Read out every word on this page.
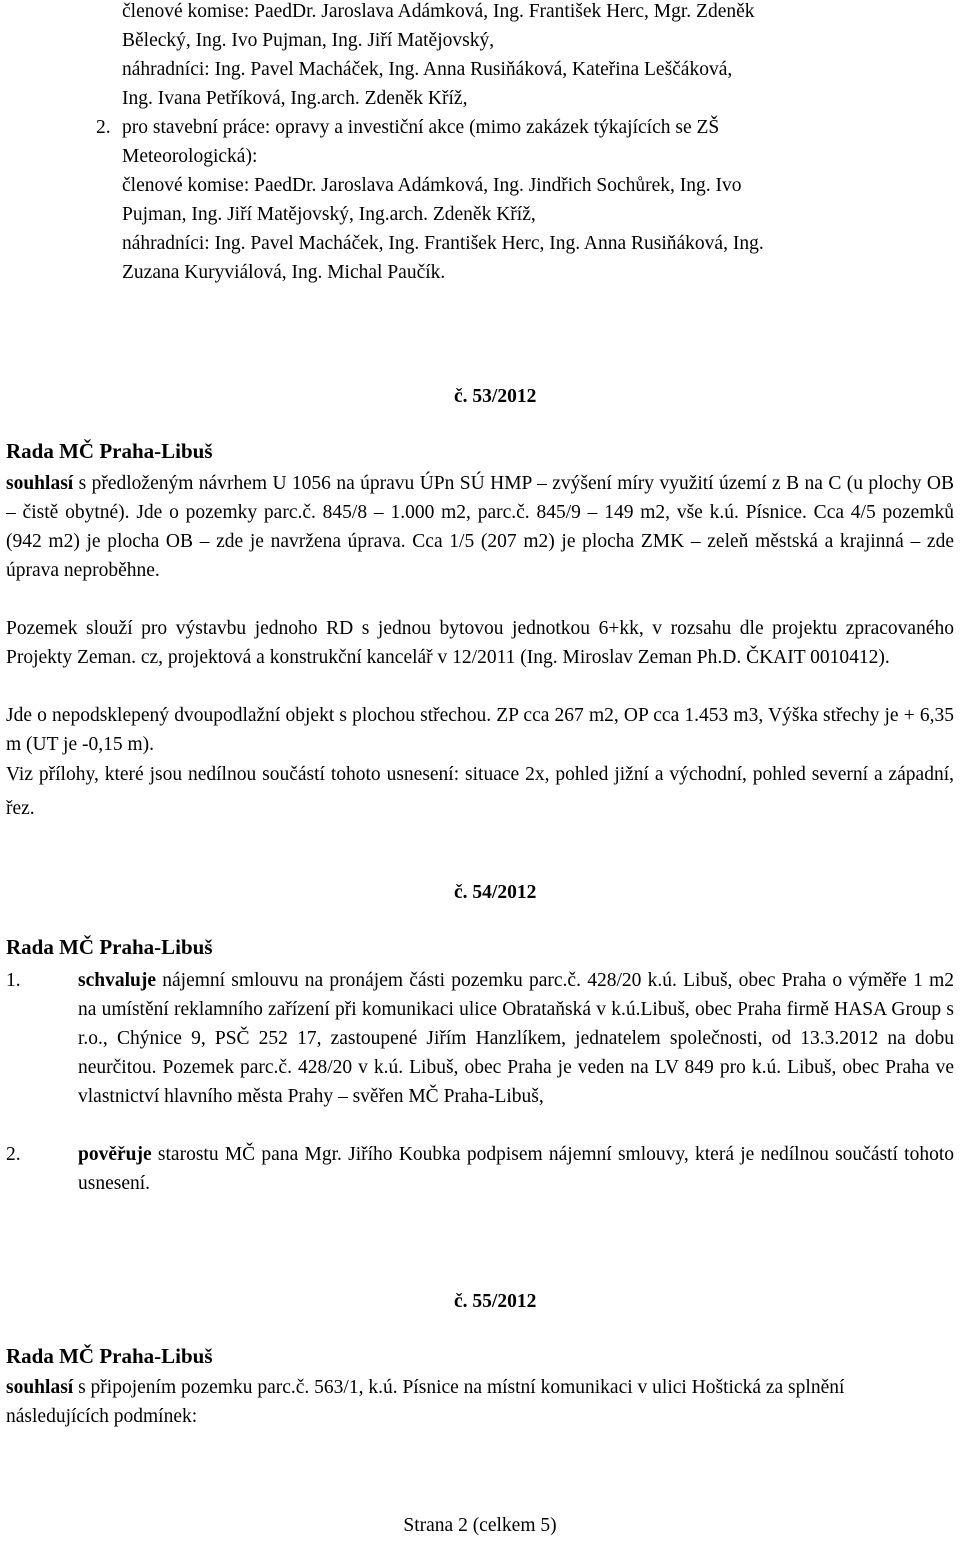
členové komise: PaedDr. Jaroslava Adámková, Ing. František Herc, Mgr. Zdeněk
Bělecký, Ing. Ivo Pujman, Ing. Jiří Matějovský,
náhradníci: Ing. Pavel Macháček, Ing. Anna Rusiňáková, Kateřina Leščáková,
Ing. Ivana Petříková, Ing.arch. Zdeněk Kříž,
2. pro stavební práce: opravy a investiční akce (mimo zakázek týkajících se ZŠ
Meteorologická):
členové komise: PaedDr. Jaroslava Adámková, Ing. Jindřich Sochůrek, Ing. Ivo
Pujman, Ing. Jiří Matějovský, Ing.arch. Zdeněk Kříž,
náhradníci: Ing. Pavel Macháček, Ing. František Herc, Ing. Anna Rusiňáková, Ing.
Zuzana Kuryviálová, Ing. Michal Paučík.
č. 53/2012
Rada MČ Praha-Libuš

souhlasí s předloženým návrhem U 1056 na úpravu ÚPn SÚ HMP – zvýšení míry využití území z B na C (u plochy OB – čistě obytné). Jde o pozemky parc.č. 845/8 – 1.000 m2, parc.č. 845/9 – 149 m2, vše k.ú. Písnice. Cca 4/5 pozemků (942 m2) je plocha OB – zde je navržena úprava. Cca 1/5 (207 m2) je plocha ZMK – zeleň městská a krajinná – zde úprava neproběhne.

Pozemek slouží pro výstavbu jednoho RD s jednou bytovou jednotkou 6+kk, v rozsahu dle projektu zpracovaného Projekty Zeman. cz, projektová a konstrukční kancelář v 12/2011 (Ing. Miroslav Zeman Ph.D. ČKAIT 0010412).

Jde o nepodsklepený dvoupodlažní objekt s plochou střechou. ZP cca 267 m2, OP cca 1.453 m3, Výška střechy je + 6,35 m (UT je -0,15 m).

Viz přílohy, které jsou nedílnou součástí tohoto usnesení: situace 2x, pohled jižní a východní, pohled severní a západní, řez.

č. 54/2012
Rada MČ Praha-Libuš
1.	schvaluje nájemní smlouvu na pronájem části pozemku parc.č. 428/20 k.ú. Libuš, obec Praha o výměře 1 m2 na umístění reklamního zařízení při komunikaci ulice Obrataňská v k.ú.Libuš, obec Praha firmě HASA Group s r.o., Chýnice 9, PSČ 252 17, zastoupené Jiřím Hanzlíkem, jednatelem společnosti, od 13.3.2012 na dobu neurčitou. Pozemek parc.č. 428/20 v k.ú. Libuš, obec Praha je veden na LV 849 pro k.ú. Libuš, obec Praha ve vlastnictví hlavního města Prahy – svěřen MČ Praha-Libuš,

2.	pověřuje starostu MČ pana Mgr. Jiřího Koubka podpisem nájemní smlouvy, která je nedílnou součástí tohoto usnesení.

č. 55/2012
Rada MČ Praha-Libuš

souhlasí s připojením pozemku parc.č. 563/1, k.ú. Písnice na místní komunikaci v ulici Hoštická za splnění následujících podmínek:

Strana 2 (celkem 5)
